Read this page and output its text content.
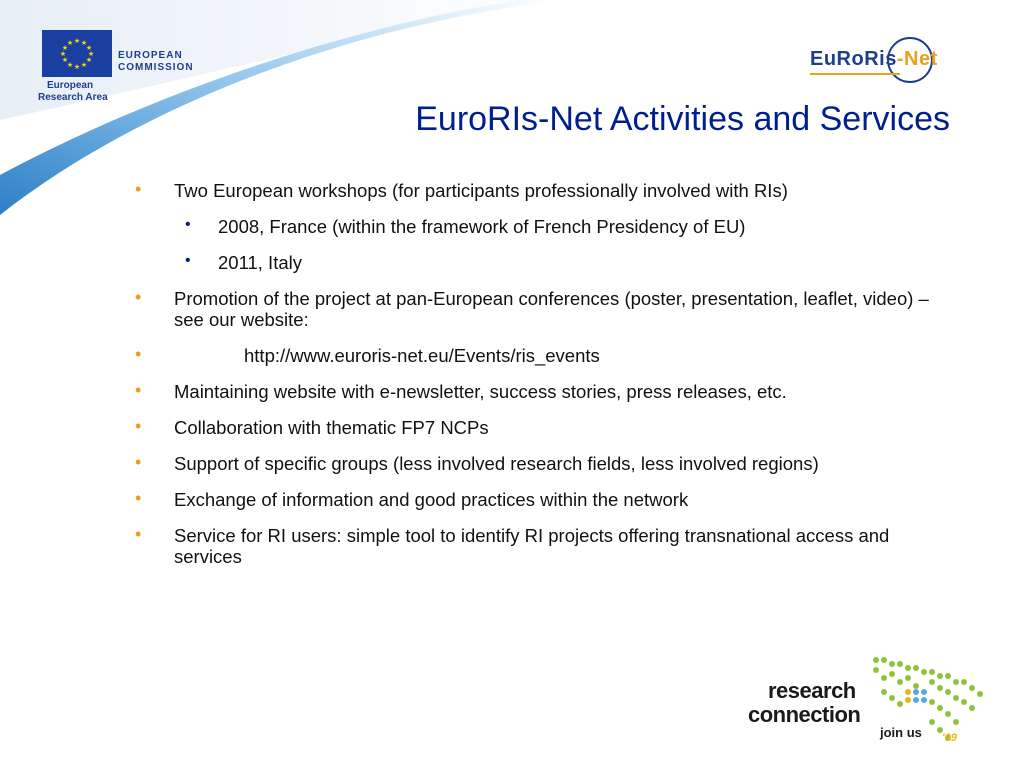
★ ★
★
★
★
★
★
★
★
★
★
★
EUROPEAN
COMMISSION
European
Research Area
EuRoRis-Net
EuroRIs-Net Activities and Services
• Two European workshops (for participants professionally involved with RIs)
• 2008, France (within the framework of French Presidency of EU)
• 2011, Italy
• Promotion of the project at pan-European conferences (poster, presentation, leaflet, video) – see our website:
•	http://www.euroris-net.eu/Events/ris_events
• Maintaining website with e-newsletter, success stories, press releases, etc.
• Collaboration with thematic FP7 NCPs
• Support of specific groups (less involved research fields, less involved regions)
• Exchange of information and good practices within the network
• Service for RI users: simple tool to identify RI projects offering transnational access and services
research
connection
join us '09
